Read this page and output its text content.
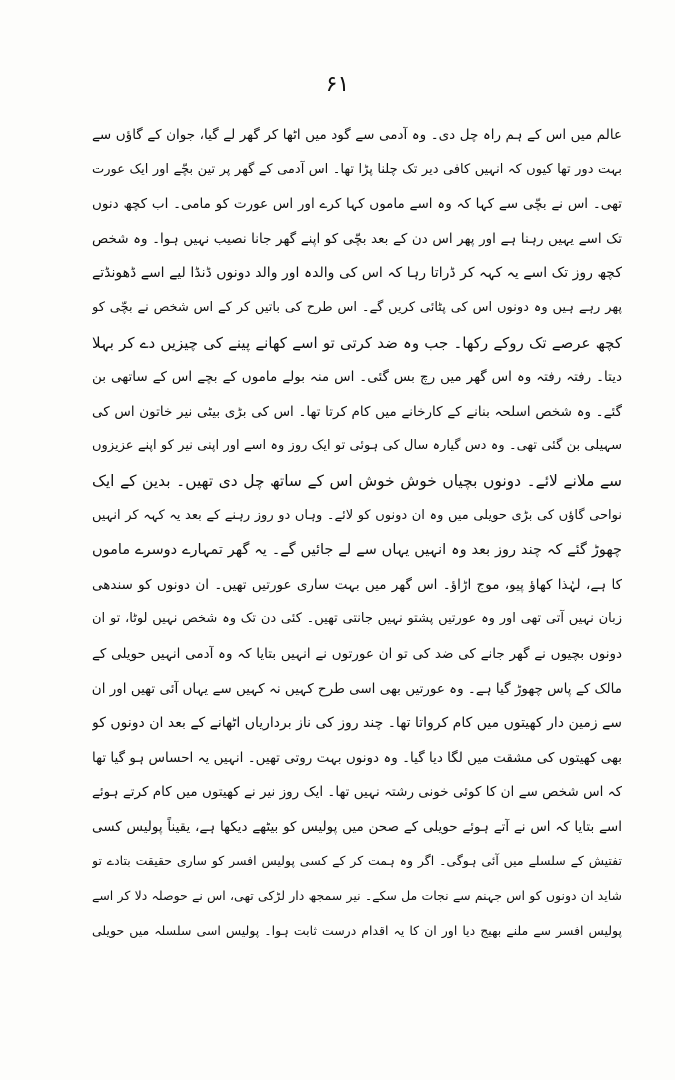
۶۱
عالم میں اس کے ہم راہ چل دی۔ وہ آدمی سے گود میں اٹھا کر گھر لے گیا، جوان کے گاؤں سے
بہت دور تھا کیوں کہ انہیں کافی دیر تک چلنا پڑا تھا۔ اس آدمی کے گھر پر تین بچّے اور ایک عورت
تھی۔ اس نے بچّی سے کہا کہ وہ اسے ماموں کہا کرے اور اس عورت کو مامی۔ اب کچھ دنوں
تک اسے یہیں رہنا ہے اور پھر اس دن کے بعد بچّی کو اپنے گھر جانا نصیب نہیں ہوا۔ وہ شخص
کچھ روز تک اسے یہ کہہ کر ڈراتا رہا کہ اس کی والدہ اور والد دونوں ڈنڈا لیے اسے ڈھونڈتے
پھر رہے ہیں وہ دونوں اس کی پٹائی کریں گے۔ اس طرح کی باتیں کر کے اس شخص نے بچّی کو
کچھ عرصے تک روکے رکھا۔ جب وہ ضد کرتی تو اسے کھانے پینے کی چیزیں دے کر بہلا
دیتا۔ رفتہ رفتہ وہ اس گھر میں رچ بس گئی۔ اس منہ بولے ماموں کے بچے اس کے ساتھی بن
گئے۔ وہ شخص اسلحہ بنانے کے کارخانے میں کام کرتا تھا۔ اس کی بڑی بیٹی نیر خاتون اس کی
سہیلی بن گئی تھی۔ وہ دس گیارہ سال کی ہوئی تو ایک روز وہ اسے اور اپنی نیر کو اپنے عزیزوں
سے ملانے لائے۔ دونوں بچیاں خوش خوش اس کے ساتھ چل دی تھیں۔ بدین کے ایک
نواحی گاؤں کی بڑی حویلی میں وہ ان دونوں کو لائے۔ وہاں دو روز رہنے کے بعد یہ کہہ کر انہیں
چھوڑ گئے کہ چند روز بعد وہ انہیں یہاں سے لے جائیں گے۔ یہ گھر تمہارے دوسرے ماموں
کا ہے، لہٰذا کھاؤ پیو، موج اڑاؤ۔ اس گھر میں بہت ساری عورتیں تھیں۔ ان دونوں کو سندھی
زبان نہیں آتی تھی اور وہ عورتیں پشتو نہیں جانتی تھیں۔ کئی دن تک وہ شخص نہیں لوٹا، تو ان
دونوں بچیوں نے گھر جانے کی ضد کی تو ان عورتوں نے انہیں بتایا کہ وہ آدمی انہیں حویلی کے
مالک کے پاس چھوڑ گیا ہے۔ وہ عورتیں بھی اسی طرح کہیں نہ کہیں سے یہاں آئی تھیں اور ان
سے زمین دار کھیتوں میں کام کرواتا تھا۔ چند روز کی ناز برداریاں اٹھانے کے بعد ان دونوں کو
بھی کھیتوں کی مشقت میں لگا دیا گیا۔ وہ دونوں بہت روتی تھیں۔ انہیں یہ احساس ہو گیا تھا
کہ اس شخص سے ان کا کوئی خونی رشتہ نہیں تھا۔ ایک روز نیر نے کھیتوں میں کام کرتے ہوئے
اسے بتایا کہ اس نے آتے ہوئے حویلی کے صحن میں پولیس کو بیٹھے دیکھا ہے، یقیناً پولیس کسی
تفتیش کے سلسلے میں آئی ہوگی۔ اگر وہ ہمت کر کے کسی پولیس افسر کو ساری حقیقت بتادے تو
شاید ان دونوں کو اس جہنم سے نجات مل سکے۔ نیر سمجھ دار لڑکی تھی، اس نے حوصلہ دلا کر اسے
پولیس افسر سے ملنے بھیج دیا اور ان کا یہ اقدام درست ثابت ہوا۔ پولیس اسی سلسلہ میں حویلی
